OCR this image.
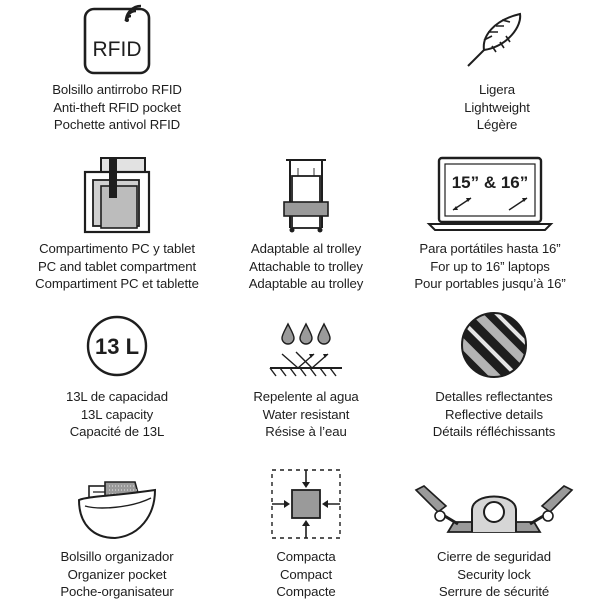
RFID
Bolsillo antirrobo RFID
Anti-theft RFID pocket
Pochette antivol RFID
Ligera
Lightweight
Légère
Compartimento PC y tablet
PC and tablet compartment
Compartiment PC et tablette
Adaptable al trolley
Attachable to trolley
Adaptable au trolley
15” & 16”
Para portátiles hasta 16”
For up to 16” laptops
Pour portables jusqu’à 16”
13 L
13L de capacidad
13L capacity
Capacité de 13L
Repelente al agua
Water resistant
Résise à l’eau
Detalles reflectantes
Reflective details
Détails réfléchissants
Bolsillo organizador
Organizer pocket
Poche-organisateur
Compacta
Compact
Compacte
Cierre de seguridad
Security lock
Serrure de sécurité
